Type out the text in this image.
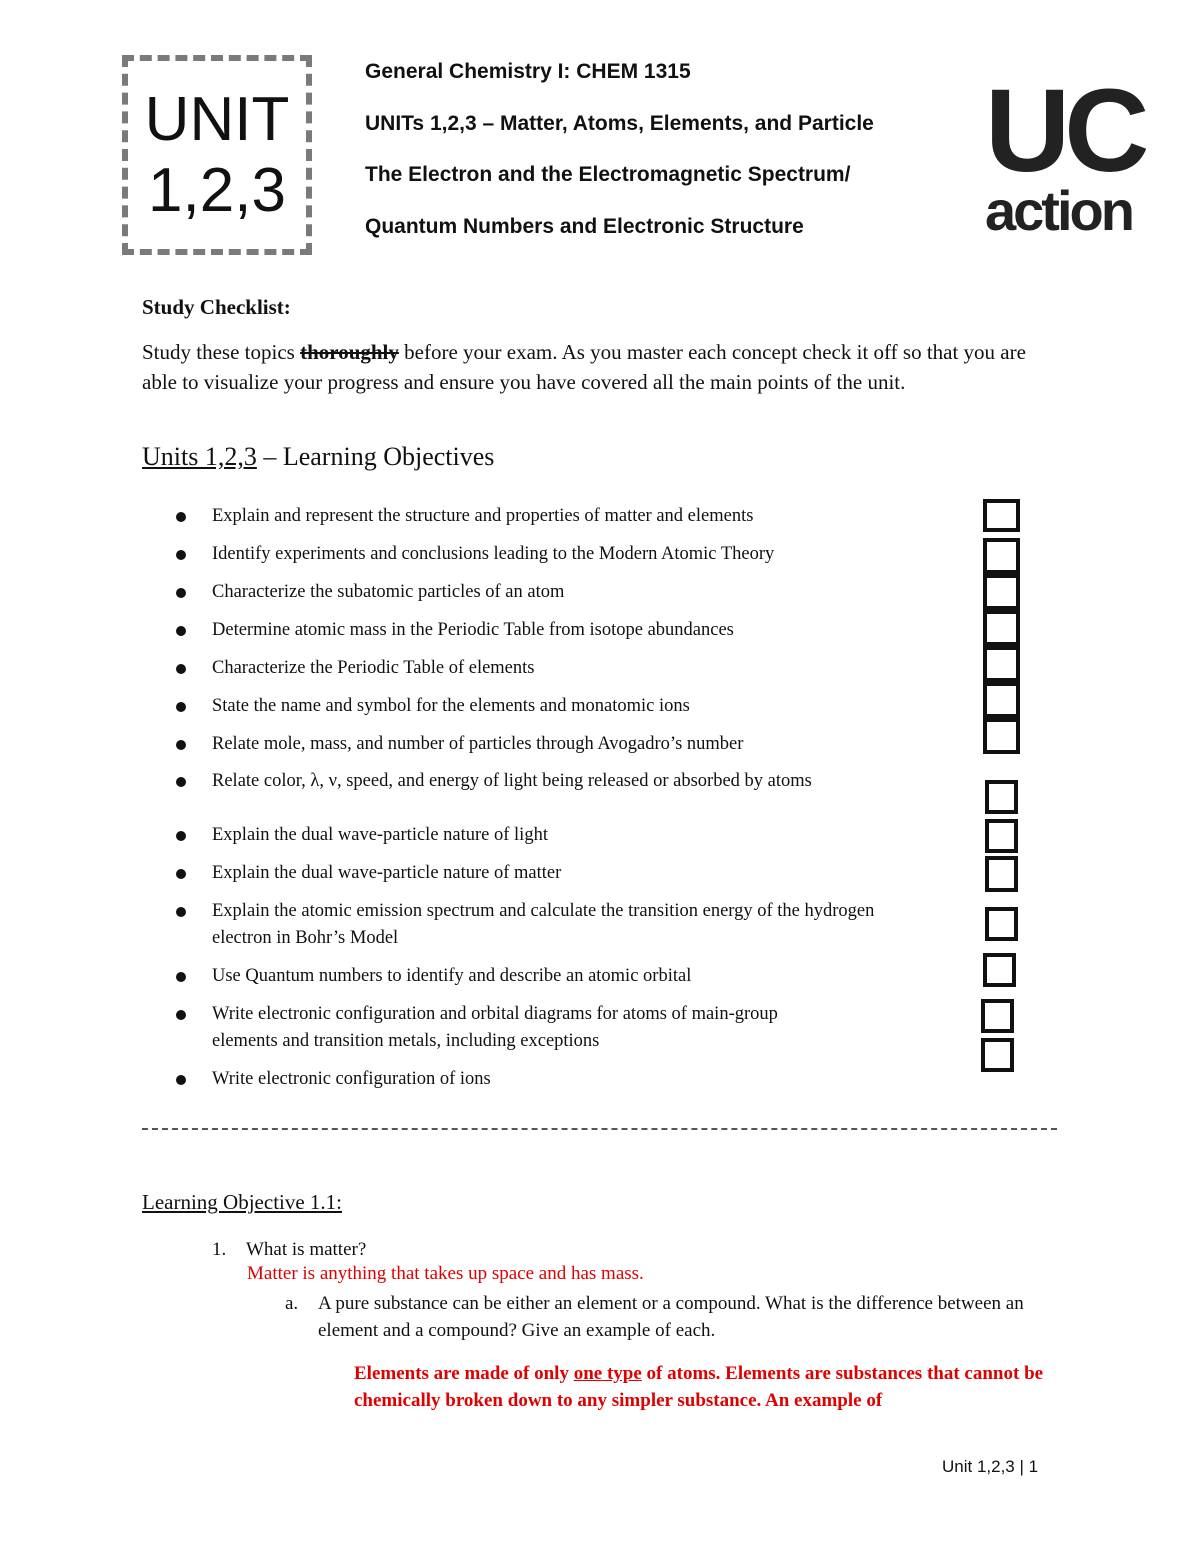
UNIT
1,2,3
General Chemistry I: CHEM 1315
UNITs 1,2,3 – Matter, Atoms, Elements, and Particle
The Electron and the Electromagnetic Spectrum/
Quantum Numbers and Electronic Structure
UC
action
Study Checklist:
Study these topics thoroughly before your exam. As you master each concept check it off so that you are able to visualize your progress and ensure you have covered all the main points of the unit.
Units 1,2,3 – Learning Objectives
Explain and represent the structure and properties of matter and elements
Identify experiments and conclusions leading to the Modern Atomic Theory
Characterize the subatomic particles of an atom
Determine atomic mass in the Periodic Table from isotope abundances
Characterize the Periodic Table of elements
State the name and symbol for the elements and monatomic ions
Relate mole, mass, and number of particles through Avogadro’s number
Relate color, λ, ν, speed, and energy of light being released or absorbed by atoms
Explain the dual wave-particle nature of light
Explain the dual wave-particle nature of matter
Explain the atomic emission spectrum and calculate the transition energy of the hydrogen electron in Bohr’s Model
Use Quantum numbers to identify and describe an atomic orbital
Write electronic configuration and orbital diagrams for atoms of main-group elements and transition metals, including exceptions
Write electronic configuration of ions
Learning Objective 1.1:
1. What is matter?
Matter is anything that takes up space and has mass.
a. A pure substance can be either an element or a compound. What is the difference between an element and a compound? Give an example of each.
Elements are made of only one type of atoms. Elements are substances that cannot be chemically broken down to any simpler substance. An example of
Unit 1,2,3 | 1
